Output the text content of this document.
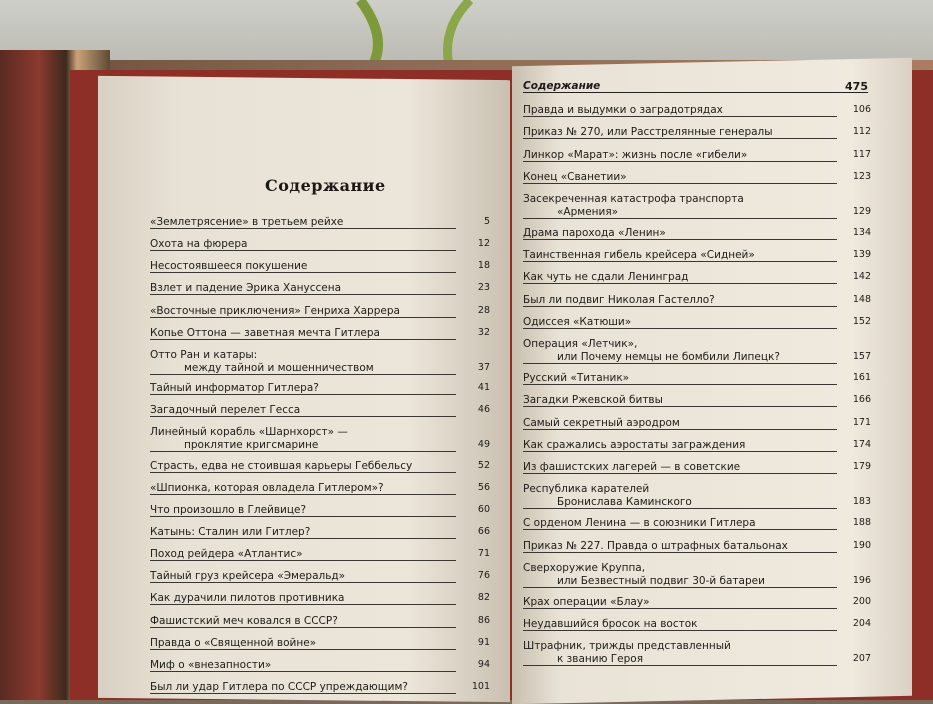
Содержание
Содержание	475
«Землетрясение» в третьем рейхе	5
Охота на фюрера	12
Несостоявшееся покушение	18
Взлет и падение Эрика Хануссена	23
«Восточные приключения» Генриха Харрера	28
Копье Оттона — заветная мечта Гитлера	32
Отто Ран и катары:
между тайной и мошенничеством	37
Тайный информатор Гитлера?	41
Загадочный перелет Гесса	46
Линейный корабль «Шарнхорст» —
проклятие кригсмарине	49
Страсть, едва не стоившая карьеры Геббельсу	52
«Шпионка, которая овладела Гитлером»?	56
Что произошло в Глейвице?	60
Катынь: Сталин или Гитлер?	66
Поход рейдера «Атлантис»	71
Тайный груз крейсера «Эмеральд»	76
Как дурачили пилотов противника	82
Фашистский меч ковался в СССР?	86
Правда о «Священной войне»	91
Миф о «внезапности»	94
Был ли удар Гитлера по СССР упреждающим?	101
Правда и выдумки о заградотрядах	106
Приказ № 270, или Расстрелянные генералы	112
Линкор «Марат»: жизнь после «гибели»	117
Конец «Сванетии»	123
Засекреченная катастрофа транспорта
«Армения»	129
Драма парохода «Ленин»	134
Таинственная гибель крейсера «Сидней»	139
Как чуть не сдали Ленинград	142
Был ли подвиг Николая Гастелло?	148
Одиссея «Катюши»	152
Операция «Летчик»,
или Почему немцы не бомбили Липецк?	157
Русский «Титаник»	161
Загадки Ржевской битвы	166
Самый секретный аэродром	171
Как сражались аэростаты заграждения	174
Из фашистских лагерей — в советские	179
Республика карателей
Бронислава Каминского	183
С орденом Ленина — в союзники Гитлера	188
Приказ № 227. Правда о штрафных батальонах	190
Сверхоружие Круппа,
или Безвестный подвиг 30-й батареи	196
Крах операции «Блау»	200
Неудавшийся бросок на восток	204
Штрафник, трижды представленный
к званию Героя	207
